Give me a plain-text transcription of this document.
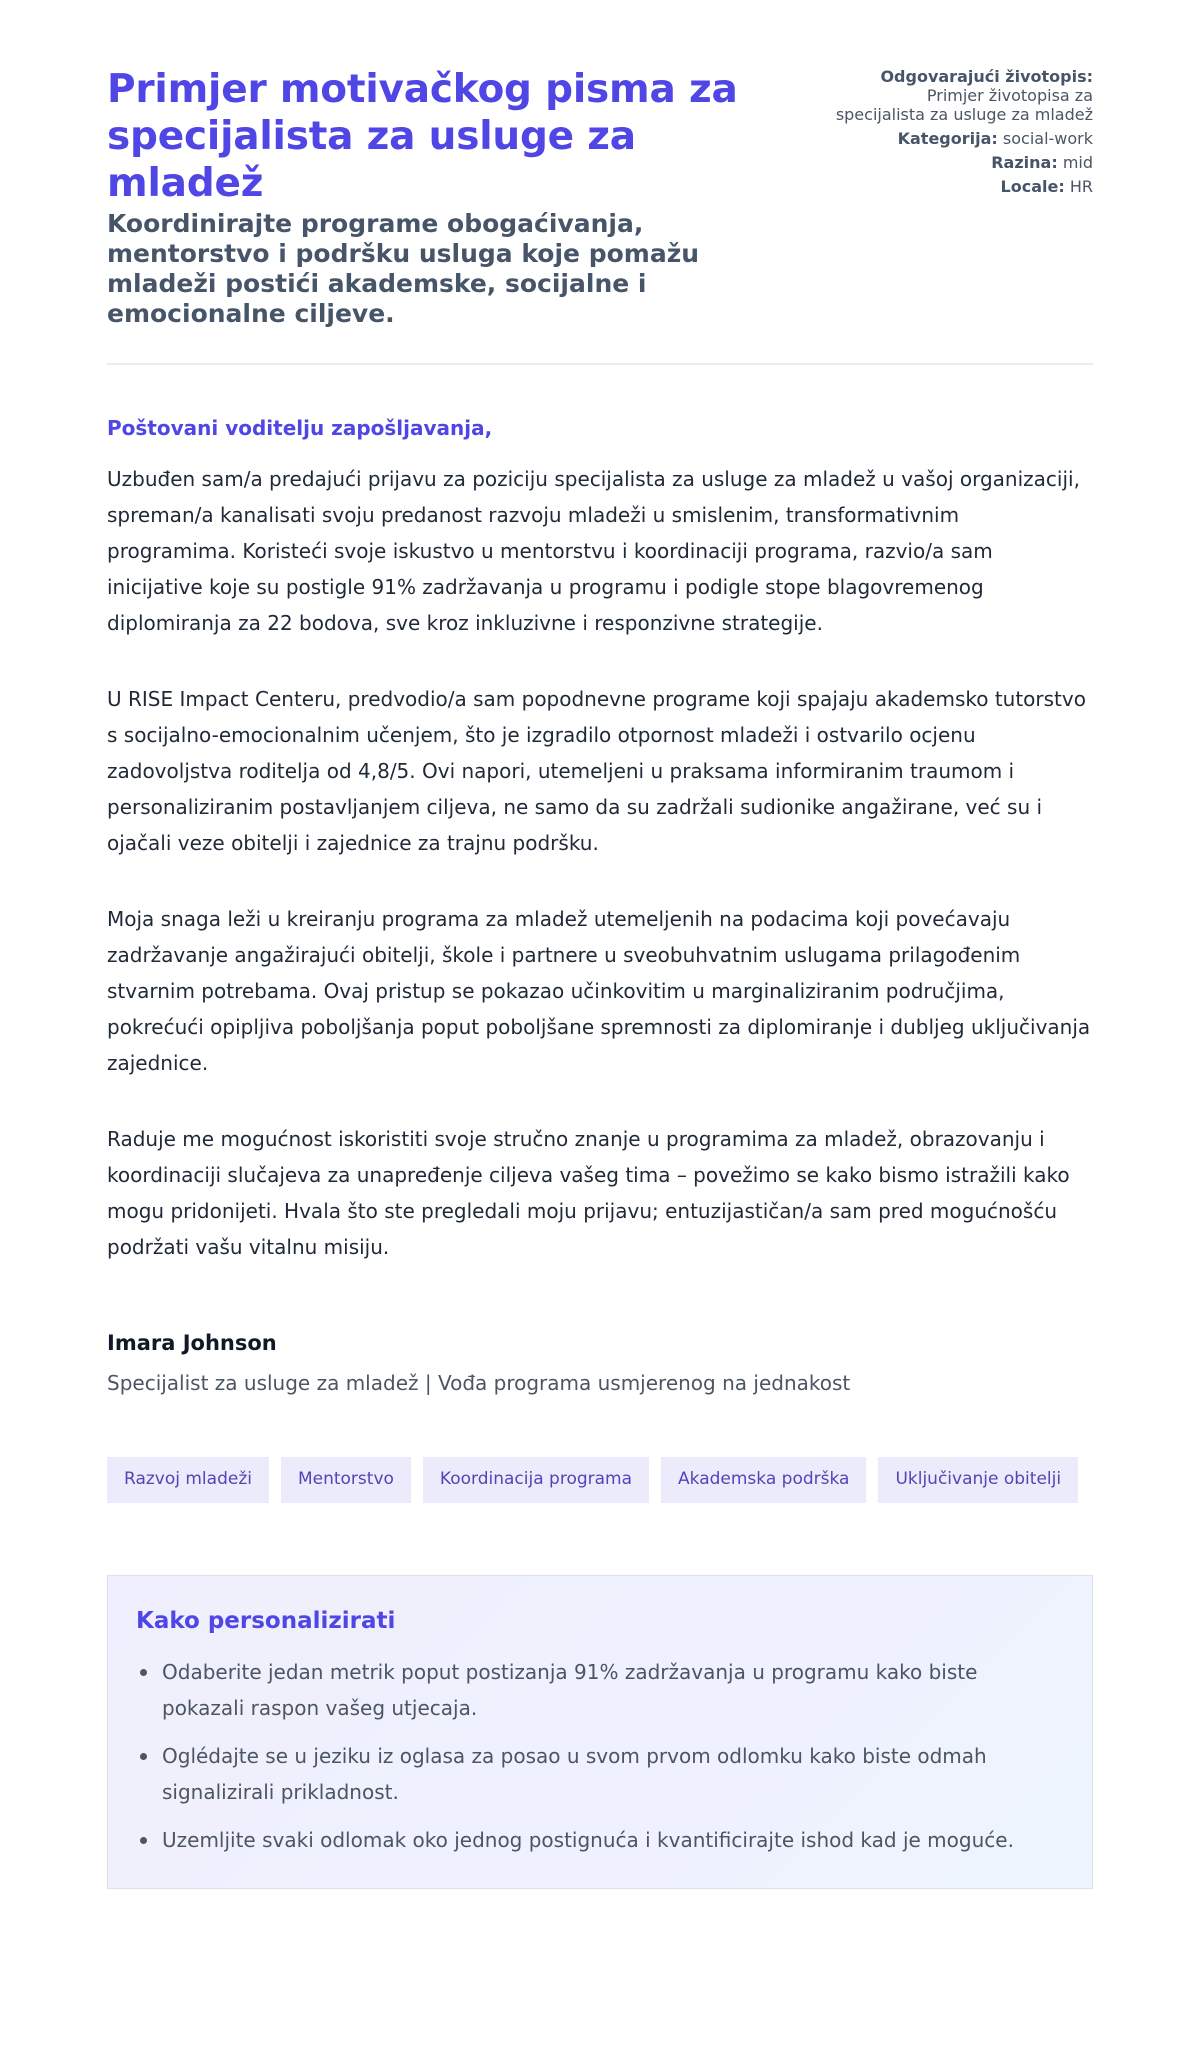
Primjer motivačkog pisma za specijalista za usluge za mladež
Koordinirajte programe obogaćivanja, mentorstvo i podršku usluga koje pomažu mladeži postići akademske, socijalne i emocionalne ciljeve.
Odgovarajući životopis:
Primjer životopisa za specijalista za usluge za mladež
Kategorija: social-work
Razina: mid
Locale: HR
Poštovani voditelju zapošljavanja,

Uzbuđen sam/a predajući prijavu za poziciju specijalista za usluge za mladež u vašoj organizaciji, spreman/a kanalisati svoju predanost razvoju mladeži u smislenim, transformativnim programima. Koristeći svoje iskustvo u mentorstvu i koordinaciji programa, razvio/a sam inicijative koje su postigle 91% zadržavanja u programu i podigle stope blagovremenog diplomiranja za 22 bodova, sve kroz inkluzivne i responzivne strategije.

U RISE Impact Centeru, predvodio/a sam popodnevne programe koji spajaju akademsko tutorstvo s socijalno-emocionalnim učenjem, što je izgradilo otpornost mladeži i ostvarilo ocjenu zadovoljstva roditelja od 4,8/5. Ovi napori, utemeljeni u praksama informiranim traumom i personaliziranim postavljanjem ciljeva, ne samo da su zadržali sudionike angažirane, već su i ojačali veze obitelji i zajednice za trajnu podršku.

Moja snaga leži u kreiranju programa za mladež utemeljenih na podacima koji povećavaju zadržavanje angažirajući obitelji, škole i partnere u sveobuhvatnim uslugama prilagođenim stvarnim potrebama. Ovaj pristup se pokazao učinkovitim u marginaliziranim područjima, pokrećući opipljiva poboljšanja poput poboljšane spremnosti za diplomiranje i dubljeg uključivanja zajednice.

Raduje me mogućnost iskoristiti svoje stručno znanje u programima za mladež, obrazovanju i koordinaciji slučajeva za unapređenje ciljeva vašeg tima – povežimo se kako bismo istražili kako mogu pridonijeti. Hvala što ste pregledali moju prijavu; entuzijastičan/a sam pred mogućnošću podržati vašu vitalnu misiju.

Imara Johnson
Specijalist za usluge za mladež | Vođa programa usmjerenog na jednakost
Razvoj mladeži	Mentorstvo	Koordinacija programa	Akademska podrška	Uključivanje obitelji
Kako personalizirati
Odaberite jedan metrik poput postizanja 91% zadržavanja u programu kako biste pokazali raspon vašeg utjecaja.
Oglédajte se u jeziku iz oglasa za posao u svom prvom odlomku kako biste odmah signalizirali prikladnost.
Uzemljite svaki odlomak oko jednog postignuća i kvantificirajte ishod kad je moguće.
